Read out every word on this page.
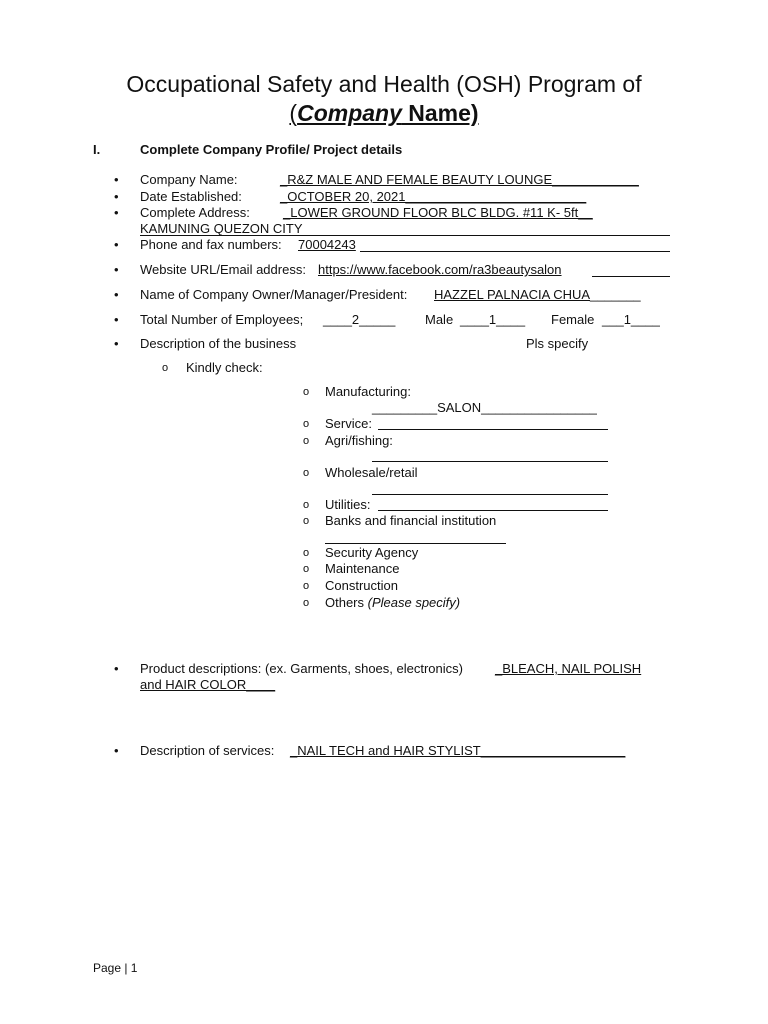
Occupational Safety and Health (OSH) Program of
(Company Name)
I.	Complete Company Profile/ Project details
• Company Name:	_R&Z MALE AND FEMALE BEAUTY LOUNGE____________
• Date Established:	_OCTOBER 20, 2021_________________________
• Complete Address:	_LOWER GROUND FLOOR BLC BLDG. #11 K- 5ft__
KAMUNING QUEZON CITY
• Phone and fax numbers: 70004243
• Website URL/Email address: https://www.facebook.com/ra3beautysalon
• Name of Company Owner/Manager/President: HAZZEL PALNACIA CHUA_______
• Total Number of Employees; ____2_____ Male ____1____ Female ___1____
• Description of the business	Pls specify
o Kindly check:
o Manufacturing:
_________SALON________________
o Service:
o Agri/fishing:
o Wholesale/retail
o Utilities:
o Banks and financial institution
o Security Agency
o Maintenance
o Construction
o Others (Please specify)
• Product descriptions: (ex. Garments, shoes, electronics) _BLEACH, NAIL POLISH
and HAIR COLOR____
• Description of services: _NAIL TECH and HAIR STYLIST____________________
Page | 1
